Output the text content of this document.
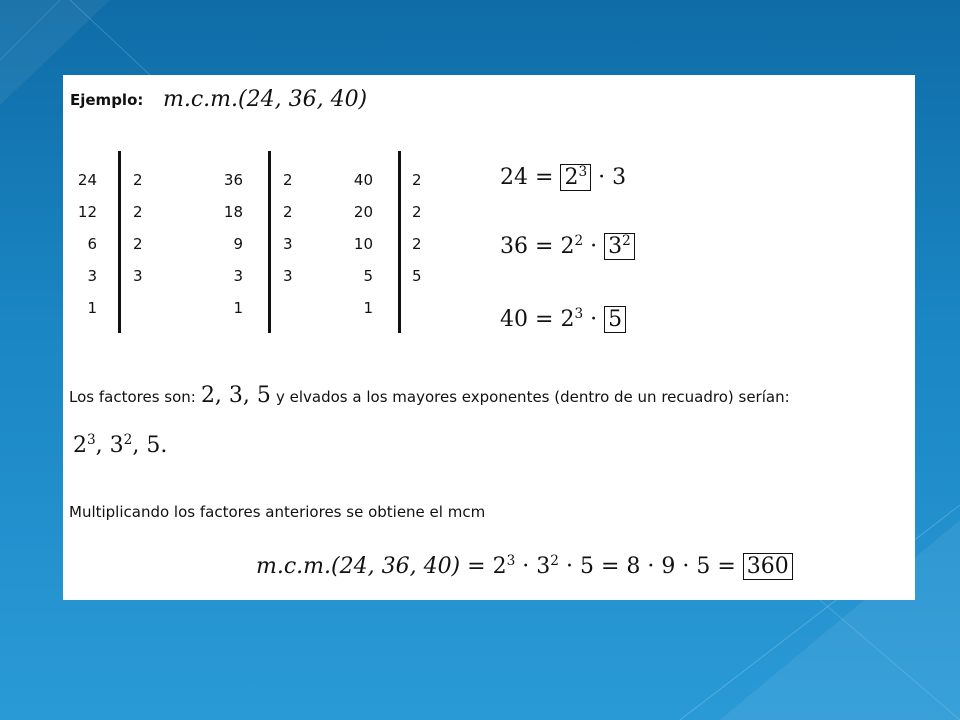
Ejemplo: m.c.m.(24, 36, 40)
24
12
6
3
1
2
2
2
3
36
18
9
3
1
2
2
3
3
40
20
10
5
1
2
2
2
5
$24 = 2^3 \cdot 3$
$36 = 2^2 \cdot 3^2$
$40 = 2^3 \cdot 5$
Los factores son: 2, 3, 5 y elvados a los mayores exponentes (dentro de un recuadro) serían:
$2^3$, $3^2$, 5.
Multiplicando los factores anteriores se obtiene el mcm
m.c.m.(24, 36, $40) = 2^3 \cdot 3^2 \cdot 5 = 8 \cdot 9 \cdot 5 = 360$
